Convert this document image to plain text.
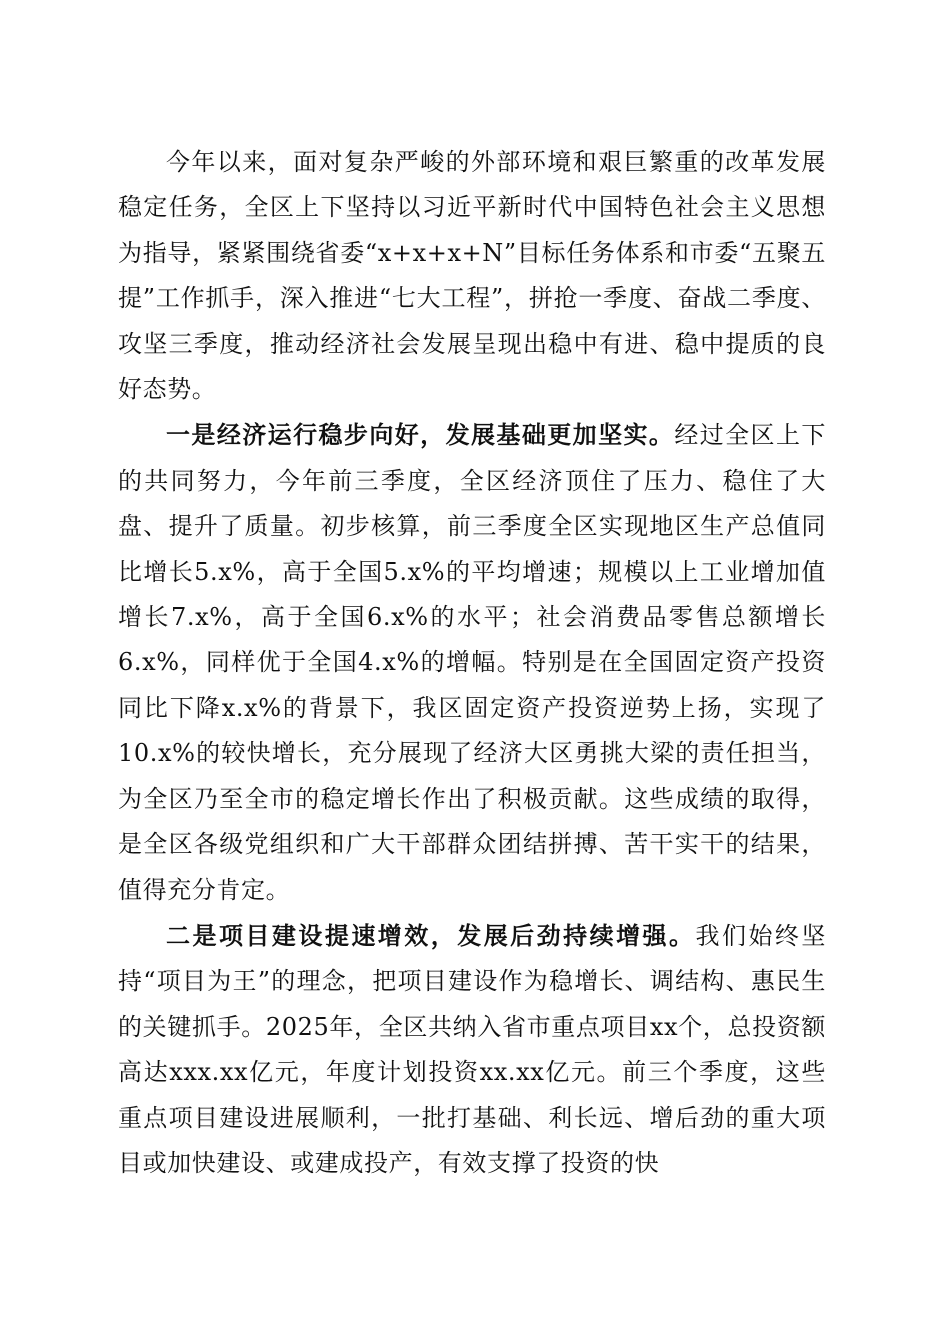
今年以来，面对复杂严峻的外部环境和艰巨繁重的改革发展稳定任务，全区上下坚持以习近平新时代中国特色社会主义思想为指导，紧紧围绕省委“x+x+x+N”目标任务体系和市委“五聚五提”工作抓手，深入推进“七大工程”，拼抢一季度、奋战二季度、攻坚三季度，推动经济社会发展呈现出稳中有进、稳中提质的良好态势。

一是经济运行稳步向好，发展基础更加坚实。经过全区上下的共同努力，今年前三季度，全区经济顶住了压力、稳住了大盘、提升了质量。初步核算，前三季度全区实现地区生产总值同比增长5.x%，高于全国5.x%的平均增速；规模以上工业增加值增长7.x%，高于全国6.x%的水平；社会消费品零售总额增长6.x%，同样优于全国4.x%的增幅。特别是在全国固定资产投资同比下降x.x%的背景下，我区固定资产投资逆势上扬，实现了10.x%的较快增长，充分展现了经济大区勇挑大梁的责任担当，为全区乃至全市的稳定增长作出了积极贡献。这些成绩的取得，是全区各级党组织和广大干部群众团结拼搏、苦干实干的结果，值得充分肯定。

二是项目建设提速增效，发展后劲持续增强。我们始终坚持“项目为王”的理念，把项目建设作为稳增长、调结构、惠民生的关键抓手。2025年，全区共纳入省市重点项目xx个，总投资额高达xxx.xx亿元，年度计划投资xx.xx亿元。前三个季度，这些重点项目建设进展顺利，一批打基础、利长远、增后劲的重大项目或加快建设、或建成投产，有效支撑了投资的快
